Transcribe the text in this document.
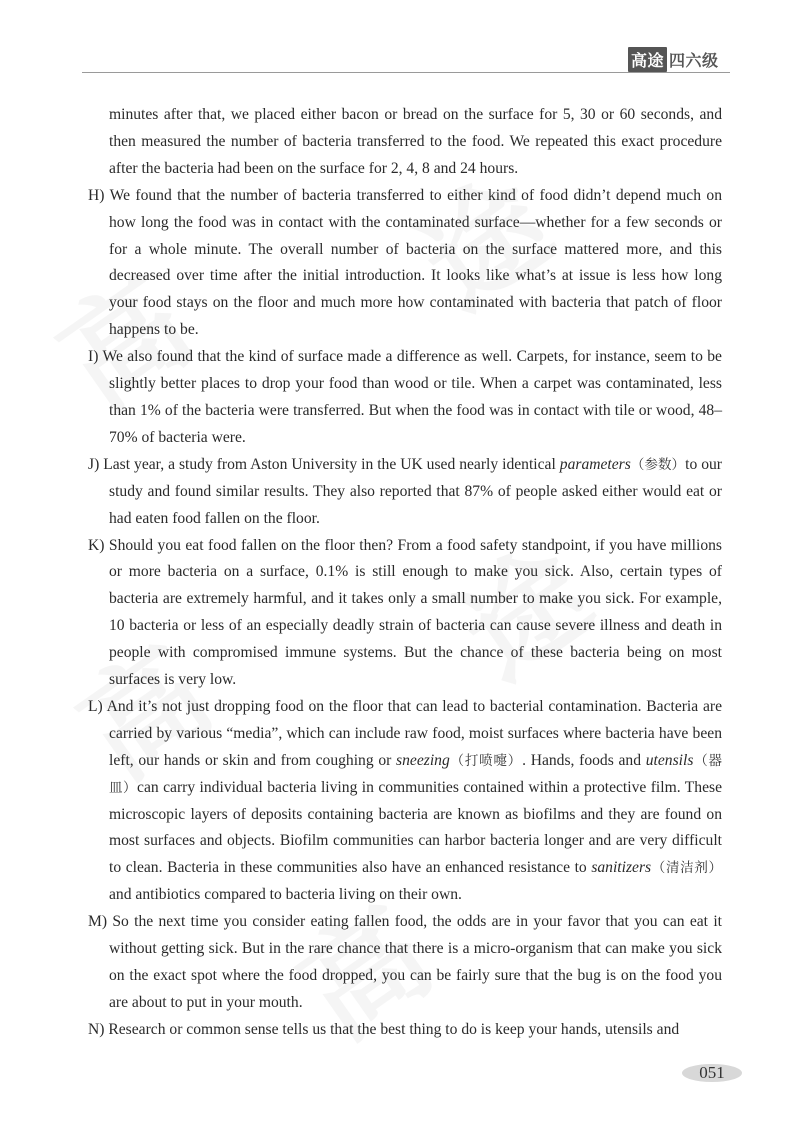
高途 四六级

minutes after that, we placed either bacon or bread on the surface for 5, 30 or 60 seconds, and then measured the number of bacteria transferred to the food. We repeated this exact procedure after the bacteria had been on the surface for 2, 4, 8 and 24 hours.

H) We found that the number of bacteria transferred to either kind of food didn’t depend much on how long the food was in contact with the contaminated surface—whether for a few seconds or for a whole minute. The overall number of bacteria on the surface mattered more, and this decreased over time after the initial introduction. It looks like what’s at issue is less how long your food stays on the floor and much more how contaminated with bacteria that patch of floor happens to be.

I) We also found that the kind of surface made a difference as well. Carpets, for instance, seem to be slightly better places to drop your food than wood or tile. When a carpet was contaminated, less than 1% of the bacteria were transferred. But when the food was in contact with tile or wood, 48–70% of bacteria were.

J) Last year, a study from Aston University in the UK used nearly identical parameters（参数）to our study and found similar results. They also reported that 87% of people asked either would eat or had eaten food fallen on the floor.

K) Should you eat food fallen on the floor then? From a food safety standpoint, if you have millions or more bacteria on a surface, 0.1% is still enough to make you sick. Also, certain types of bacteria are extremely harmful, and it takes only a small number to make you sick. For example, 10 bacteria or less of an especially deadly strain of bacteria can cause severe illness and death in people with compromised immune systems. But the chance of these bacteria being on most surfaces is very low.

L) And it’s not just dropping food on the floor that can lead to bacterial contamination. Bacteria are carried by various “media”, which can include raw food, moist surfaces where bacteria have been left, our hands or skin and from coughing or sneezing（打喷嚏）. Hands, foods and utensils（器皿）can carry individual bacteria living in communities contained within a protective film. These microscopic layers of deposits containing bacteria are known as biofilms and they are found on most surfaces and objects. Biofilm communities can harbor bacteria longer and are very difficult to clean. Bacteria in these communities also have an enhanced resistance to sanitizers（清洁剂）and antibiotics compared to bacteria living on their own.

M) So the next time you consider eating fallen food, the odds are in your favor that you can eat it without getting sick. But in the rare chance that there is a micro-organism that can make you sick on the exact spot where the food dropped, you can be fairly sure that the bug is on the food you are about to put in your mouth.

N) Research or common sense tells us that the best thing to do is keep your hands, utensils and

051
